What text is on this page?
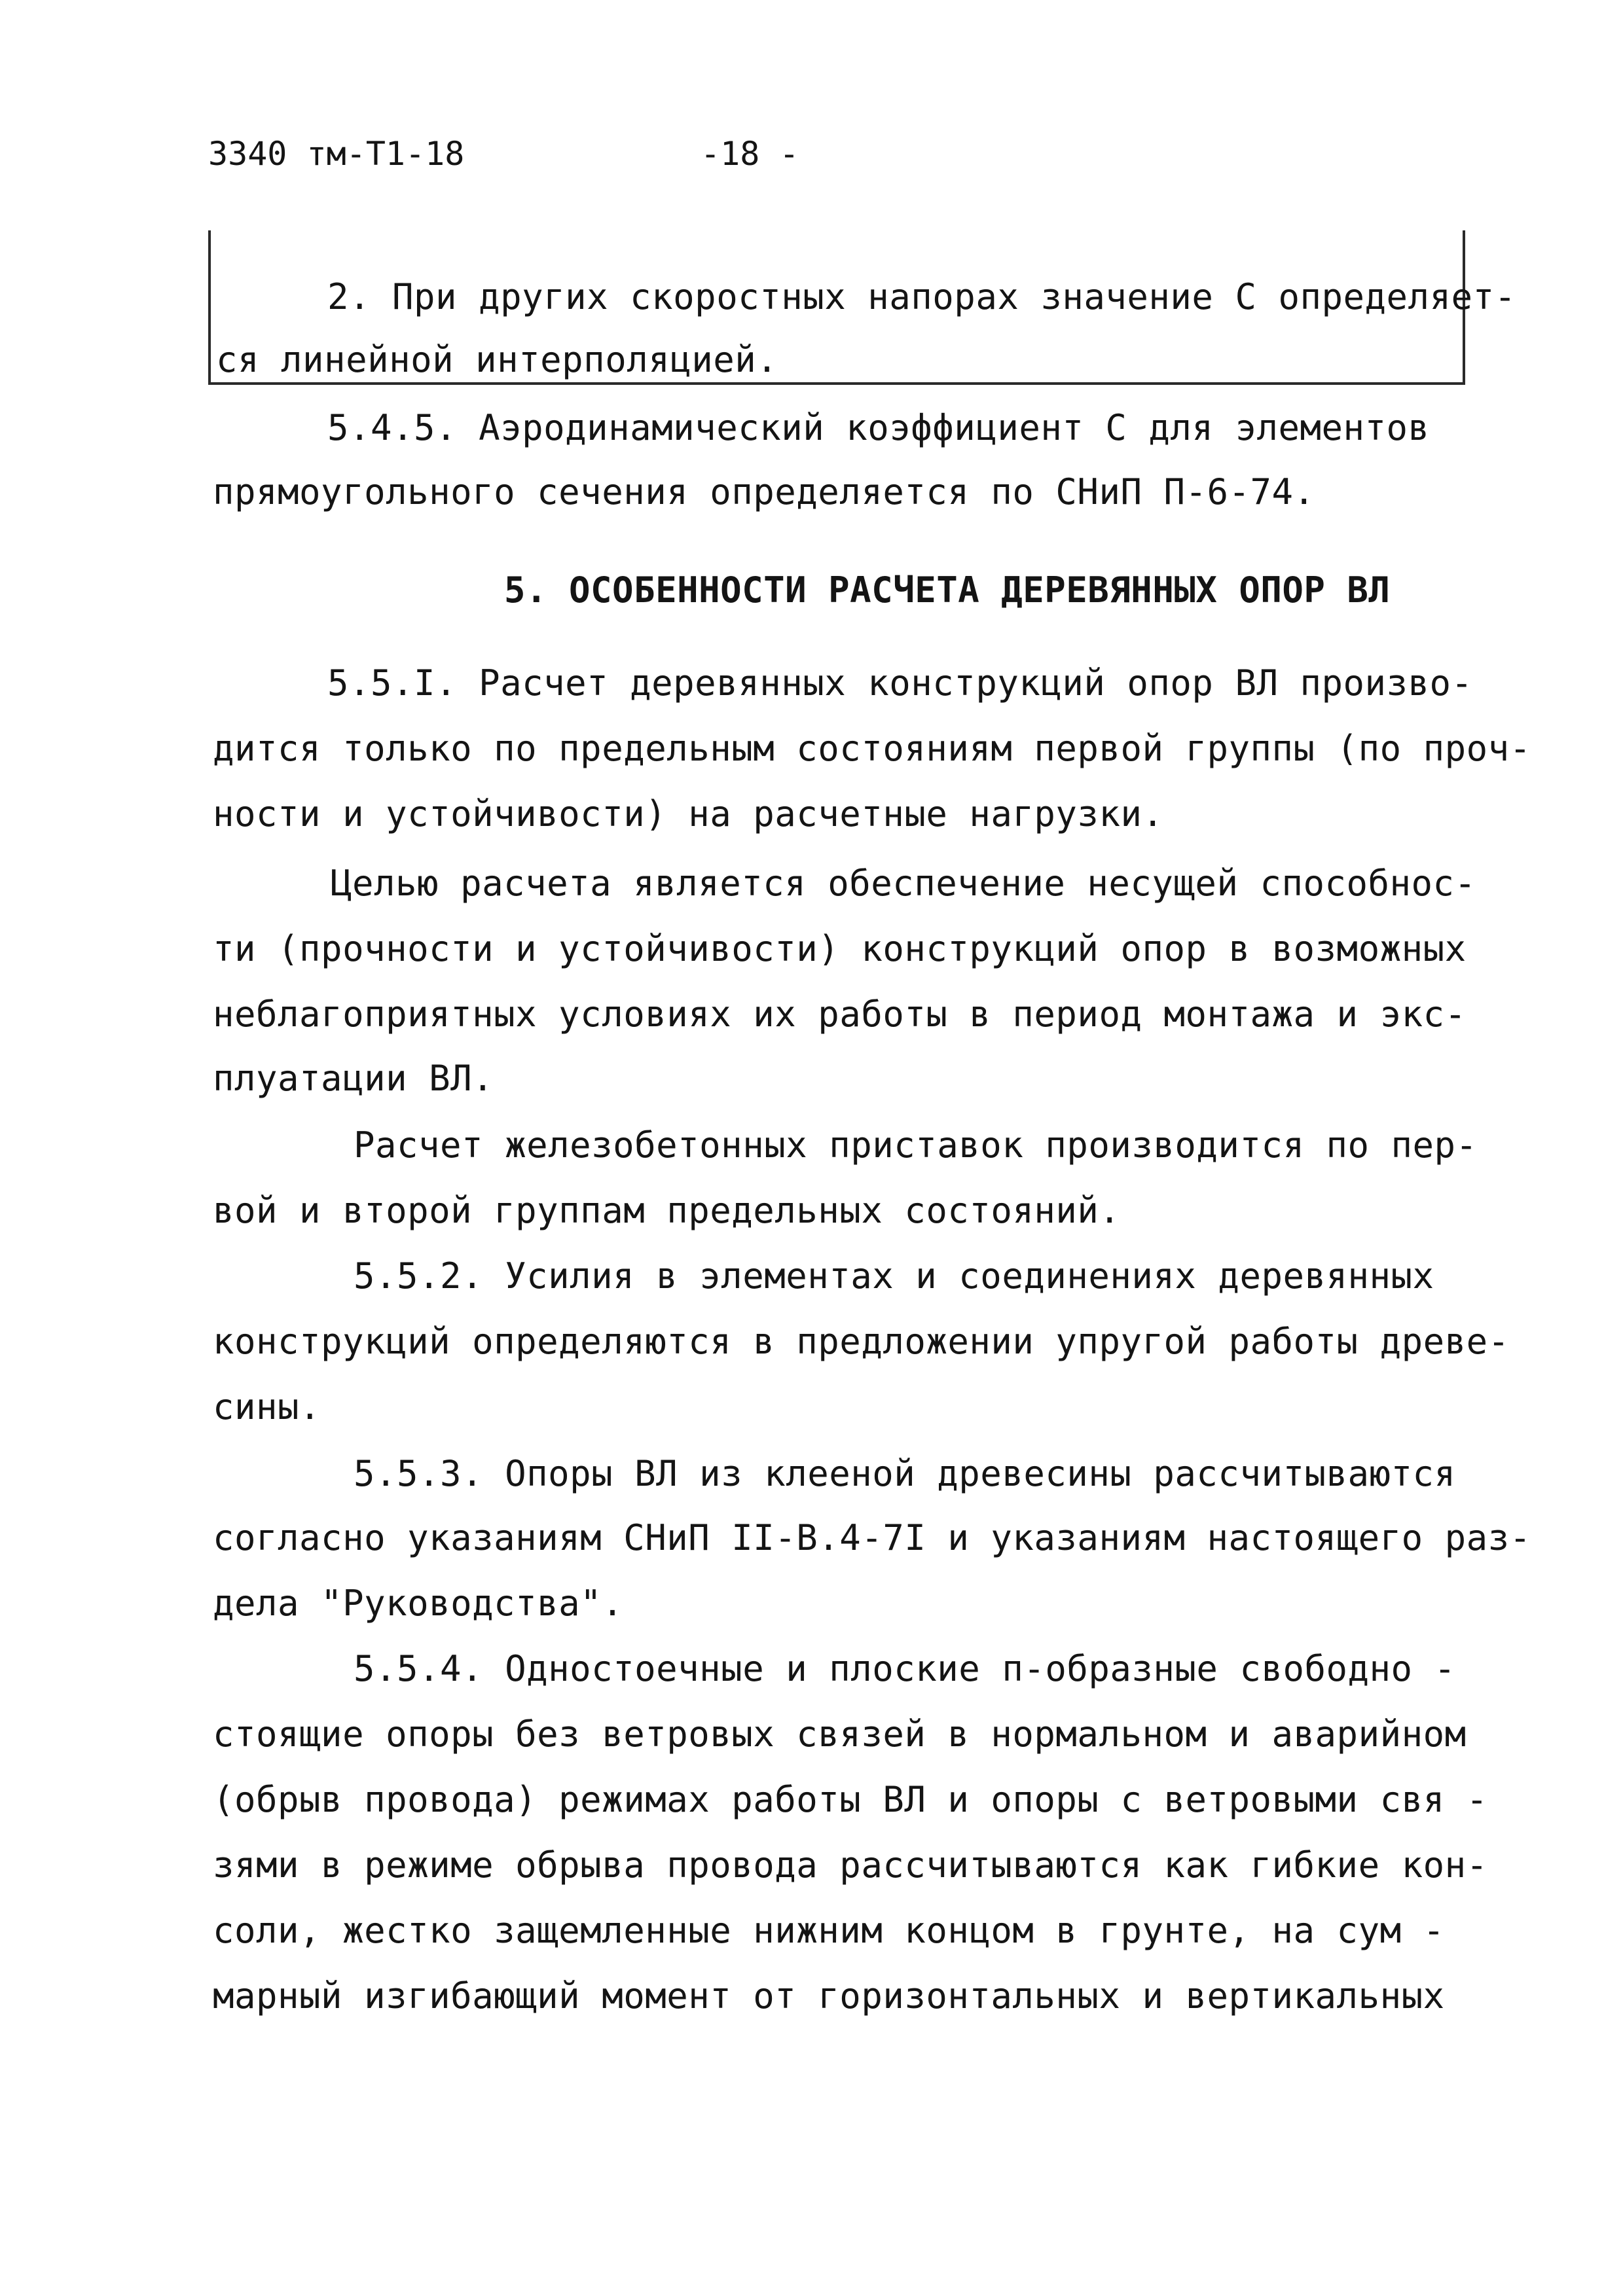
3340 тм-Т1-18	-18 -
2. При других скоростных напорах значение С определяет-
ся линейной интерполяцией.
5.4.5. Аэродинамический коэффициент С для элементов
прямоугольного сечения определяется по СНиП П-6-74.
5. ОСОБЕННОСТИ РАСЧЕТА ДЕРЕВЯННЫХ ОПОР ВЛ
5.5.I. Расчет деревянных конструкций опор ВЛ произво-
дится только по предельным состояниям первой группы (по проч-
ности и устойчивости) на расчетные нагрузки.
Целью расчета является обеспечение несущей способнос-
ти (прочности и устойчивости) конструкций опор в возможных
неблагоприятных условиях их работы в период монтажа и экс-
плуатации ВЛ.
Расчет железобетонных приставок производится по пер-
вой и второй группам предельных состояний.
5.5.2. Усилия в элементах и соединениях деревянных
конструкций определяются в предложении упругой работы древе-
сины.
5.5.3. Опоры ВЛ из клееной древесины рассчитываются
согласно указаниям СНиП II-В.4-7I и указаниям настоящего раз-
дела "Руководства".
5.5.4. Одностоечные и плоские п-образные свободно -
стоящие опоры без ветровых связей в нормальном и аварийном
(обрыв провода) режимах работы ВЛ и опоры с ветровыми свя -
зями в режиме обрыва провода рассчитываются как гибкие кон-
соли, жестко защемленные нижним концом в грунте, на сум -
марный изгибающий момент от горизонтальных и вертикальных
